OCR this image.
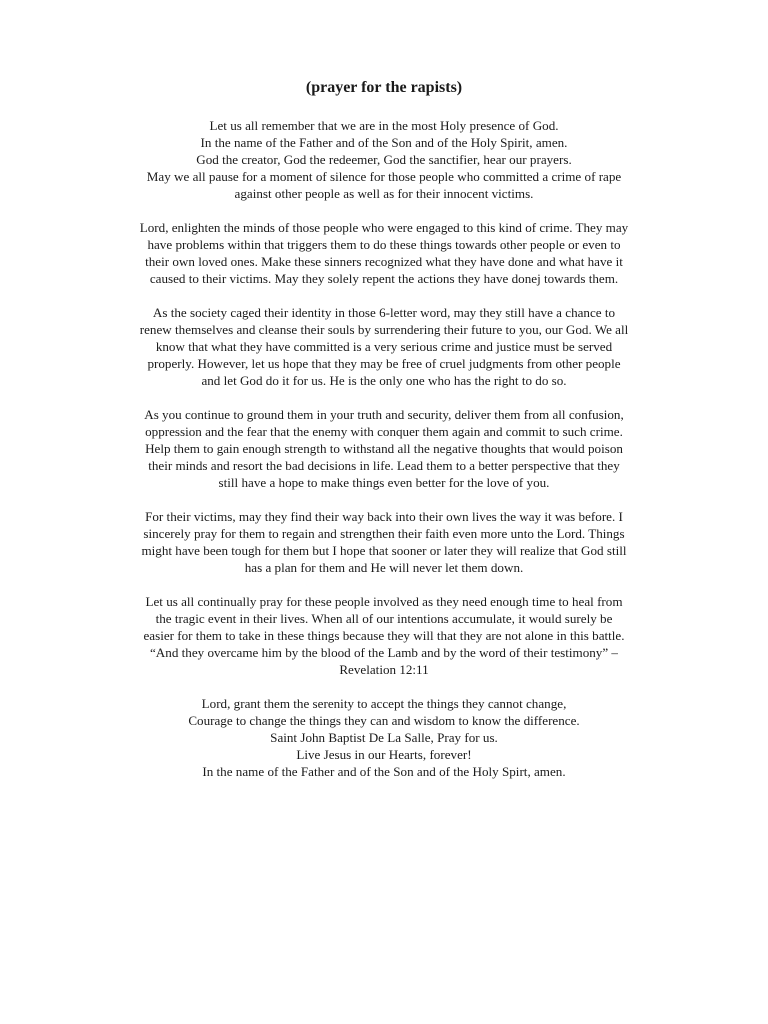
(prayer for the rapists)

Let us all remember that we are in the most Holy presence of God.
In the name of the Father and of the Son and of the Holy Spirit, amen.
God the creator, God the redeemer, God the sanctifier, hear our prayers.
May we all pause for a moment of silence for those people who committed a crime of rape
against other people as well as for their innocent victims.

Lord, enlighten the minds of those people who were engaged to this kind of crime. They may
have problems within that triggers them to do these things towards other people or even to
their own loved ones. Make these sinners recognized what they have done and what have it
caused to their victims. May they solely repent the actions they have donej towards them.

As the society caged their identity in those 6-letter word, may they still have a chance to
renew themselves and cleanse their souls by surrendering their future to you, our God. We all
know that what they have committed is a very serious crime and justice must be served
properly. However, let us hope that they may be free of cruel judgments from other people
and let God do it for us. He is the only one who has the right to do so.

As you continue to ground them in your truth and security, deliver them from all confusion,
oppression and the fear that the enemy with conquer them again and commit to such crime.
Help them to gain enough strength to withstand all the negative thoughts that would poison
their minds and resort the bad decisions in life. Lead them to a better perspective that they
still have a hope to make things even better for the love of you.

For their victims, may they find their way back into their own lives the way it was before. I
sincerely pray for them to regain and strengthen their faith even more unto the Lord. Things
might have been tough for them but I hope that sooner or later they will realize that God still
has a plan for them and He will never let them down.

Let us all continually pray for these people involved as they need enough time to heal from
the tragic event in their lives. When all of our intentions accumulate, it would surely be
easier for them to take in these things because they will that they are not alone in this battle.
“And they overcame him by the blood of the Lamb and by the word of their testimony” –
Revelation 12:11

Lord, grant them the serenity to accept the things they cannot change,
Courage to change the things they can and wisdom to know the difference.
Saint John Baptist De La Salle, Pray for us.
Live Jesus in our Hearts, forever!
In the name of the Father and of the Son and of the Holy Spirt, amen.
